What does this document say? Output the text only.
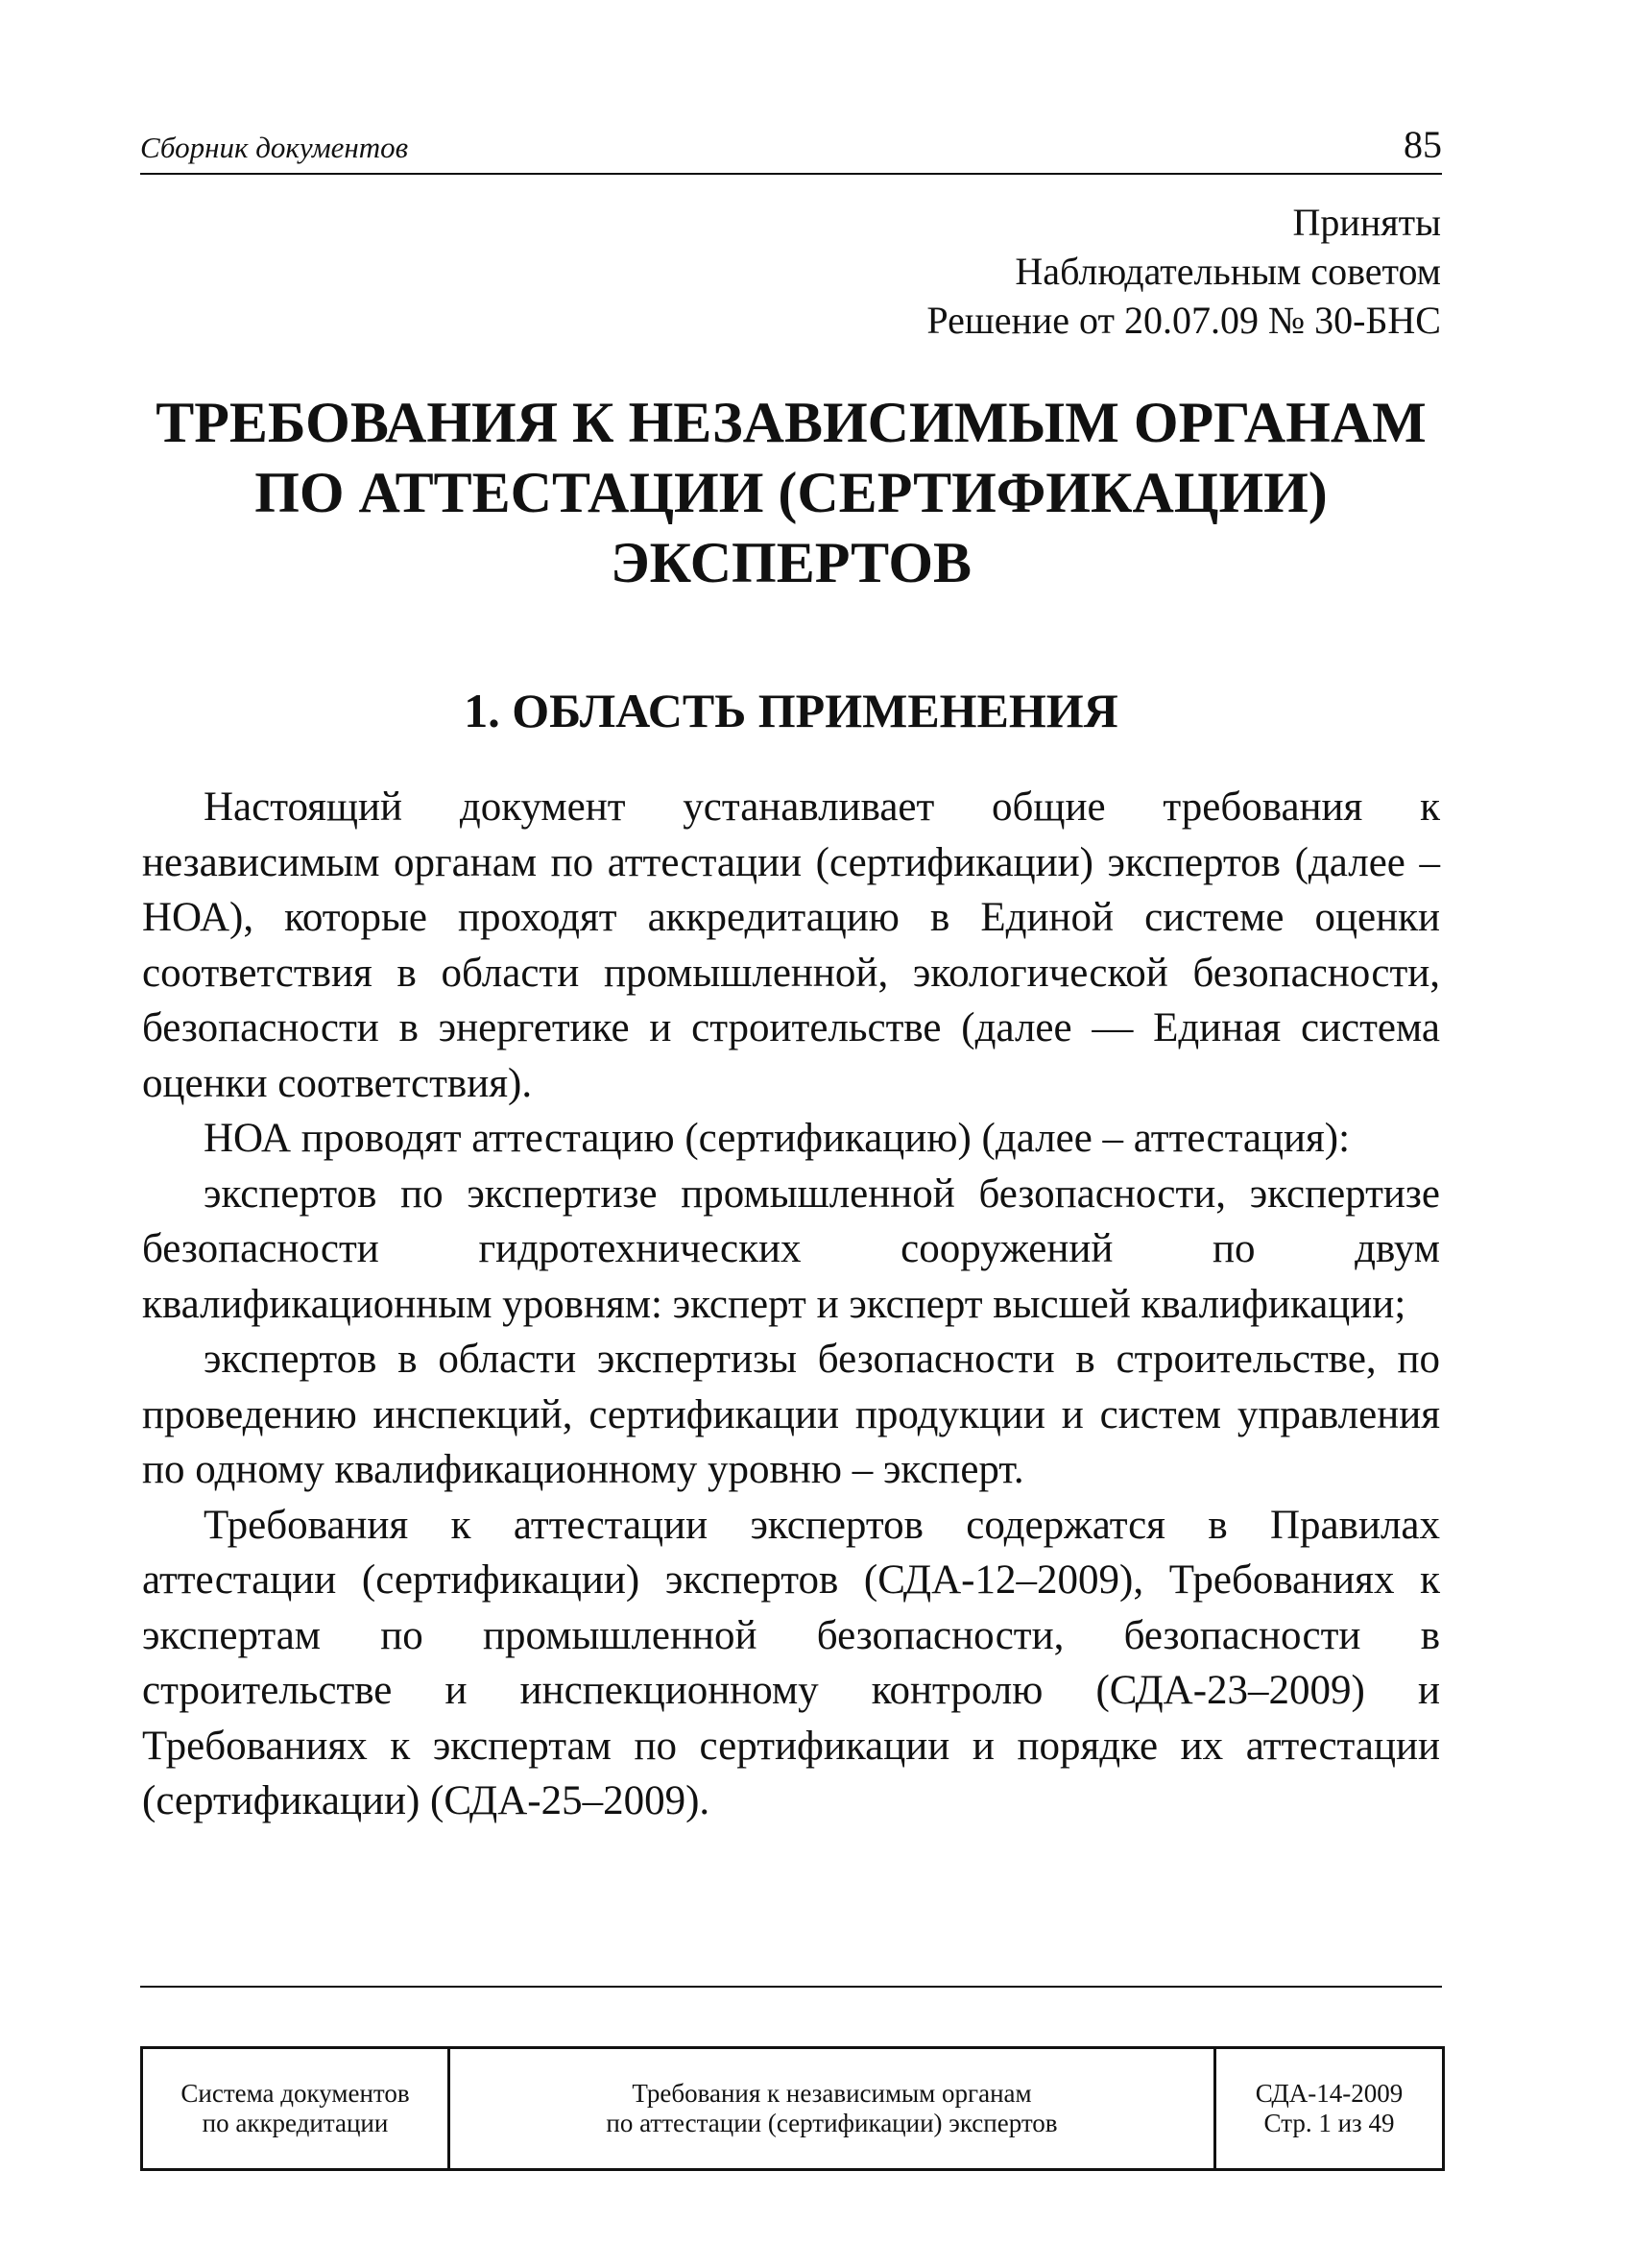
Сборник документов	85
Приняты
Наблюдательным советом
Решение от 20.07.09 № 30-БНС
ТРЕБОВАНИЯ К НЕЗАВИСИМЫМ ОРГАНАМ
ПО АТТЕСТАЦИИ (СЕРТИФИКАЦИИ)
ЭКСПЕРТОВ
1. ОБЛАСТЬ ПРИМЕНЕНИЯ

Настоящий документ устанавливает общие требования к независимым органам по аттестации (сертификации) экспертов (далее – НОА), которые проходят аккредитацию в Единой системе оценки соответствия в области промышленной, экологической безопасности, безопасности в энергетике и строительстве (далее — Единая система оценки соответствия).

НОА проводят аттестацию (сертификацию) (далее – аттестация):

экспертов по экспертизе промышленной безопасности, экспертизе безопасности гидротехнических сооружений по двум квалификационным уровням: эксперт и эксперт высшей квалификации;

экспертов в области экспертизы безопасности в строительстве, по проведению инспекций, сертификации продукции и систем управления по одному квалификационному уровню – эксперт.

Требования к аттестации экспертов содержатся в Правилах аттестации (сертификации) экспертов (СДА-12–2009), Требованиях к экспертам по промышленной безопасности, безопасности в строительстве и инспекционному контролю (СДА-23–2009) и Требованиях к экспертам по сертификации и порядке их аттестации (сертификации) (СДА-25–2009).

Система документов
по аккредитации

Требования к независимым органам
по аттестации (сертификации) экспертов

СДА-14-2009
Стр. 1 из 49
